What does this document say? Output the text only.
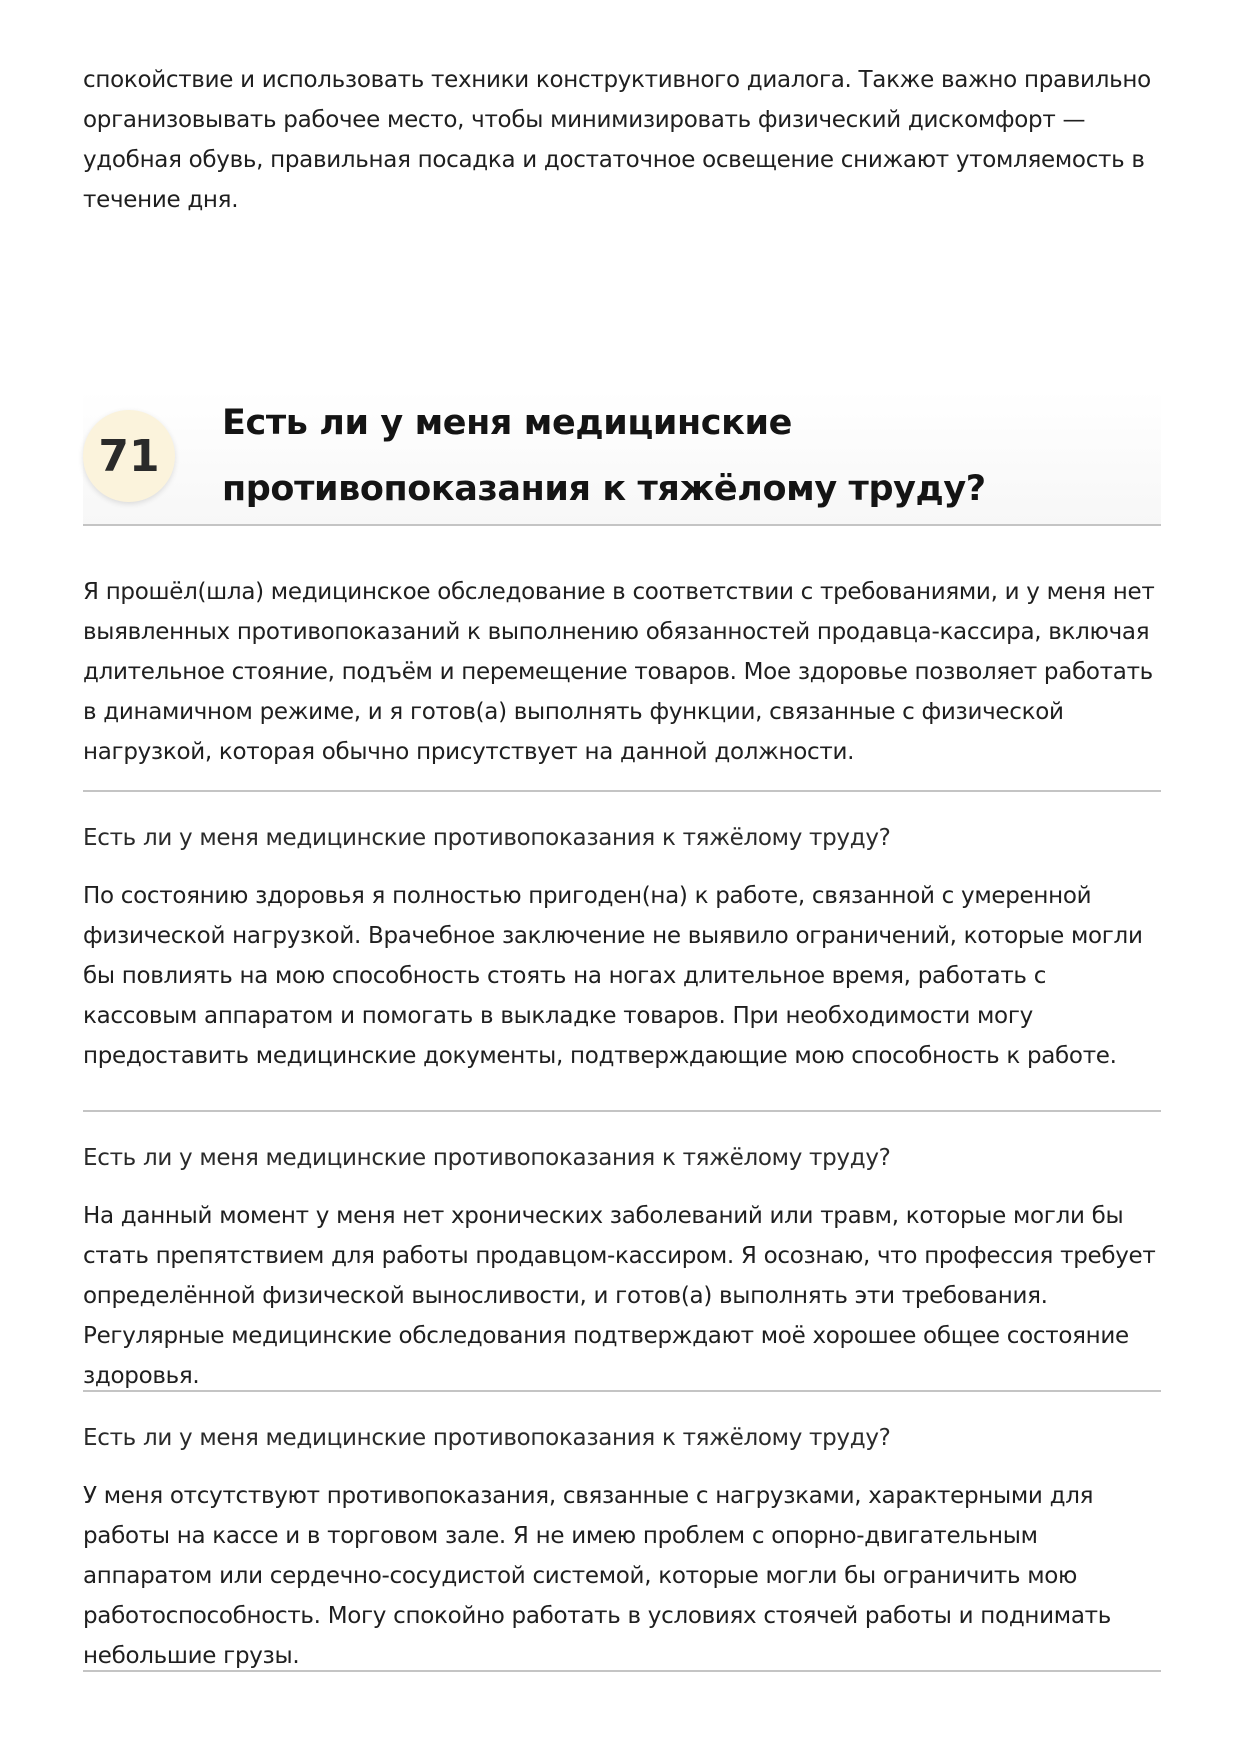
спокойствие и использовать техники конструктивного диалога. Также важно правильно организовывать рабочее место, чтобы минимизировать физический дискомфорт — удобная обувь, правильная посадка и достаточное освещение снижают утомляемость в течение дня.

71
Есть ли у меня медицинские противопоказания к тяжёлому труду?

Я прошёл(шла) медицинское обследование в соответствии с требованиями, и у меня нет выявленных противопоказаний к выполнению обязанностей продавца-кассира, включая длительное стояние, подъём и перемещение товаров. Мое здоровье позволяет работать в динамичном режиме, и я готов(а) выполнять функции, связанные с физической нагрузкой, которая обычно присутствует на данной должности.

Есть ли у меня медицинские противопоказания к тяжёлому труду?

По состоянию здоровья я полностью пригоден(на) к работе, связанной с умеренной физической нагрузкой. Врачебное заключение не выявило ограничений, которые могли бы повлиять на мою способность стоять на ногах длительное время, работать с кассовым аппаратом и помогать в выкладке товаров. При необходимости могу предоставить медицинские документы, подтверждающие мою способность к работе.

Есть ли у меня медицинские противопоказания к тяжёлому труду?

На данный момент у меня нет хронических заболеваний или травм, которые могли бы стать препятствием для работы продавцом-кассиром. Я осознаю, что профессия требует определённой физической выносливости, и готов(а) выполнять эти требования. Регулярные медицинские обследования подтверждают моё хорошее общее состояние здоровья.

Есть ли у меня медицинские противопоказания к тяжёлому труду?

У меня отсутствуют противопоказания, связанные с нагрузками, характерными для работы на кассе и в торговом зале. Я не имею проблем с опорно-двигательным аппаратом или сердечно-сосудистой системой, которые могли бы ограничить мою работоспособность. Могу спокойно работать в условиях стоячей работы и поднимать небольшие грузы.
